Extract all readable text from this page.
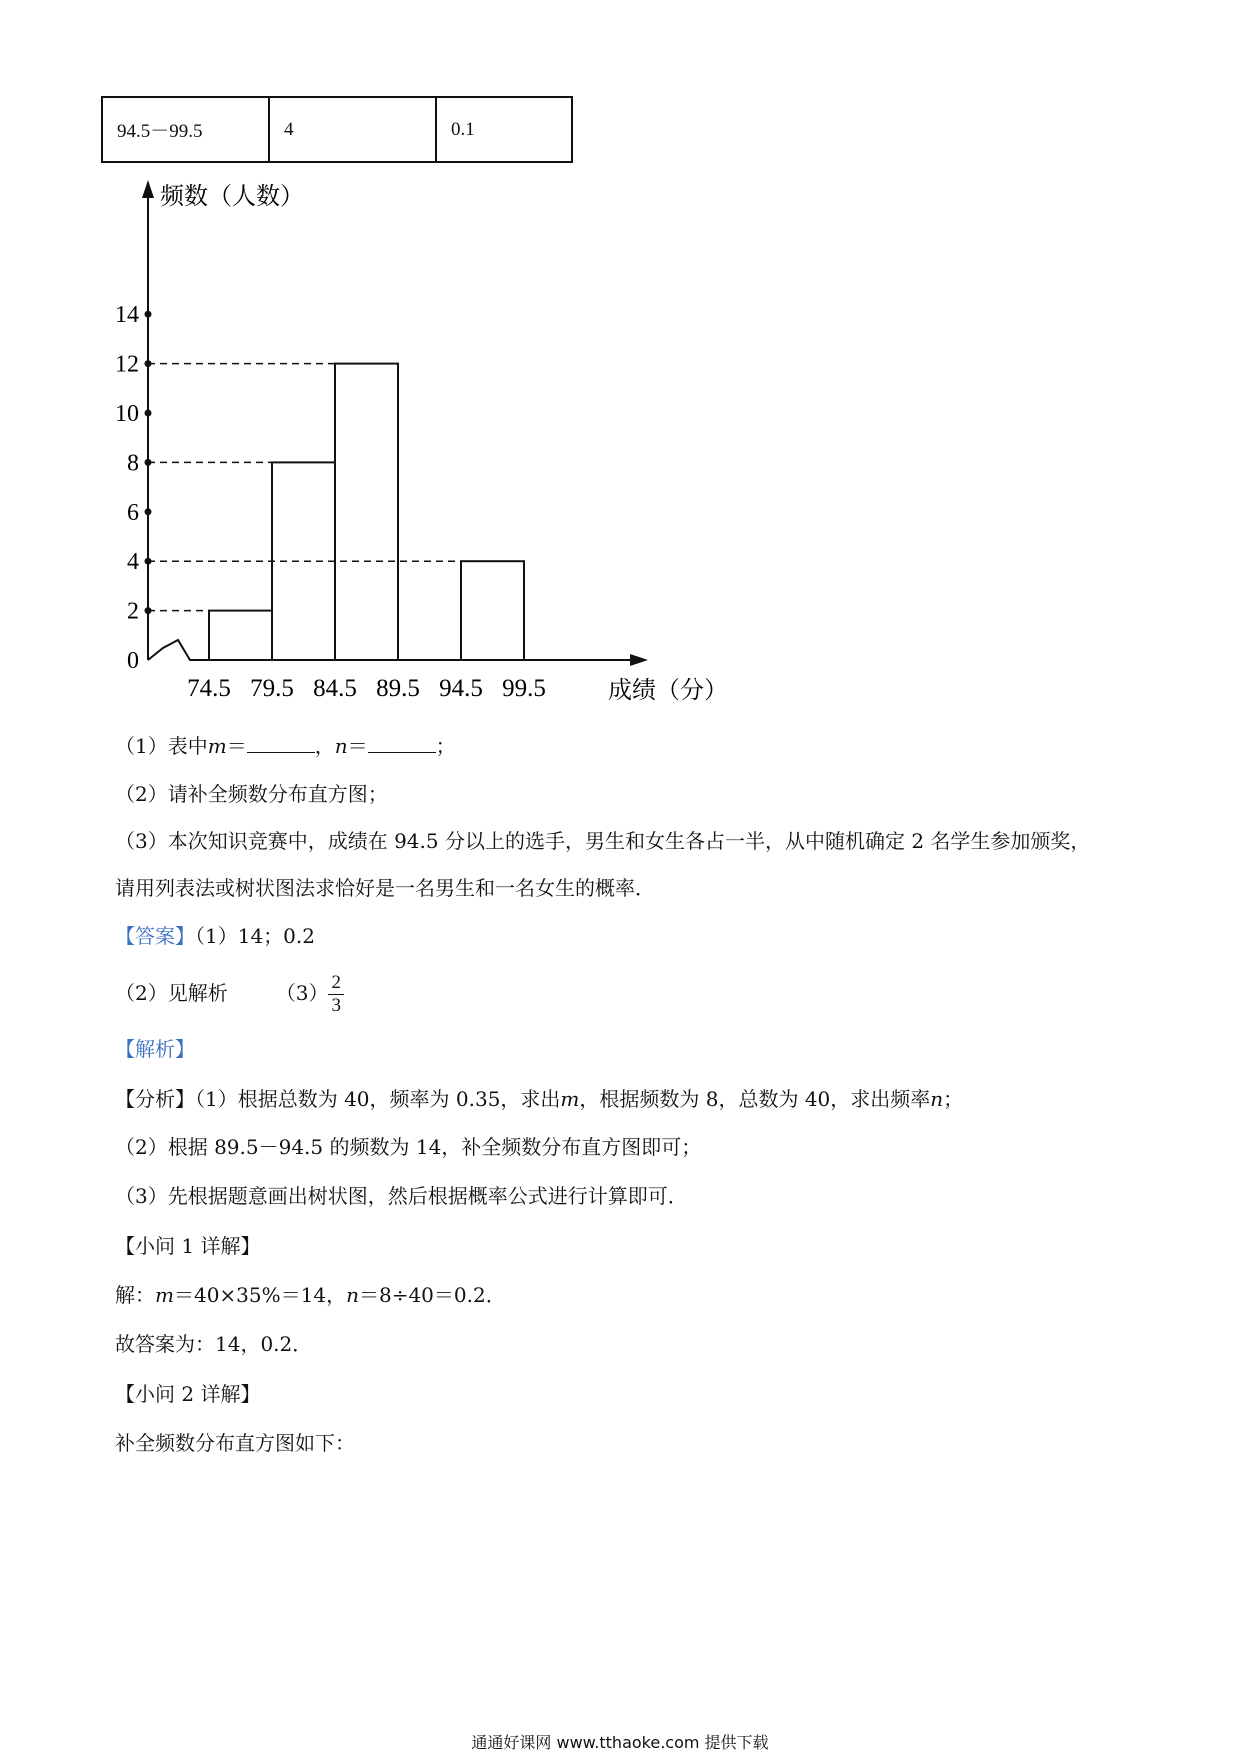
94.5－99.5	4	0.1
0
2
4
6
8
10
12
14
74.5 79.5 84.5 89.5 94.5 99.5
频数（人数）
成绩（分）
（1）表中m＝	，n＝	；
（2）请补全频数分布直方图；
（3）本次知识竞赛中，成绩在 94.5 分以上的选手，男生和女生各占一半，从中随机确定 2 名学生参加颁奖，
请用列表法或树状图法求恰好是一名男生和一名女生的概率．
【答案】（1）14；0.2
（2）见解析 $(3) \frac{2}{3}$
【解析】
【分析】（1）根据总数为 40，频率为 0.35，求出m，根据频数为 8，总数为 40，求出频率n；
（2）根据 89.5－94.5 的频数为 14，补全频数分布直方图即可；
（3）先根据题意画出树状图，然后根据概率公式进行计算即可．
【小问 1 详解】
解：m＝40×35%＝14，n＝8÷40＝0.2．
故答案为：14，0.2．
【小问 2 详解】
补全频数分布直方图如下：
通通好课网 www.tthaoke.com 提供下载
